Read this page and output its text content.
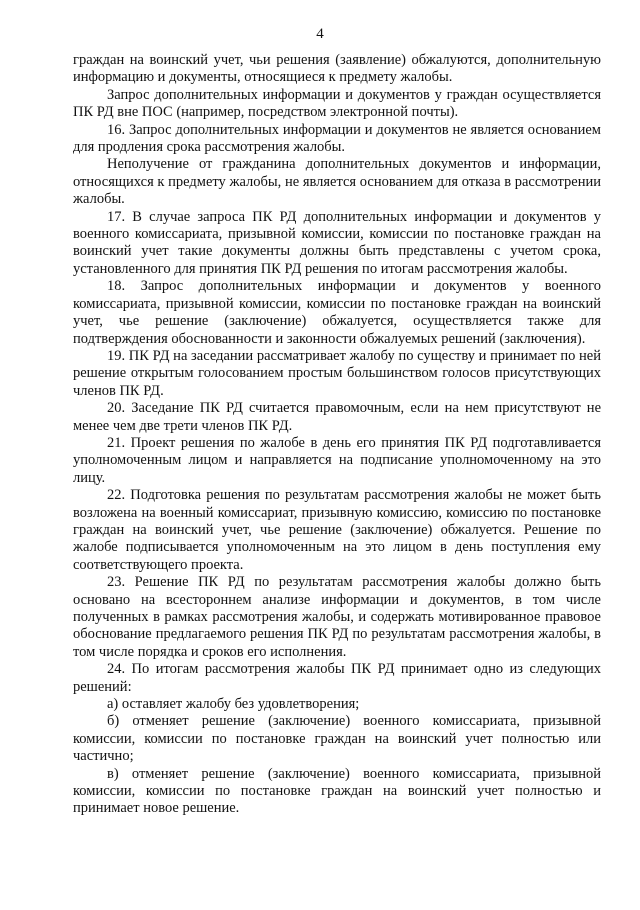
4

граждан на воинский учет, чьи решения (заявление) обжалуются, дополнительную информацию и документы, относящиеся к предмету жалобы.

Запрос дополнительных информации и документов у граждан осуществляется ПК РД вне ПОС (например, посредством электронной почты).

16. Запрос дополнительных информации и документов не является основанием для продления срока рассмотрения жалобы.

Неполучение от гражданина дополнительных документов и информации, относящихся к предмету жалобы, не является основанием для отказа в рассмотрении жалобы.

17. В случае запроса ПК РД дополнительных информации и документов у военного комиссариата, призывной комиссии, комиссии по постановке граждан на воинский учет такие документы должны быть представлены с учетом срока, установленного для принятия ПК РД решения по итогам рассмотрения жалобы.

18. Запрос дополнительных информации и документов у военного комиссариата, призывной комиссии, комиссии по постановке граждан на воинский учет, чье решение (заключение) обжалуется, осуществляется также для подтверждения обоснованности и законности обжалуемых решений (заключения).

19. ПК РД на заседании рассматривает жалобу по существу и принимает по ней решение открытым голосованием простым большинством голосов присутствующих членов ПК РД.

20. Заседание ПК РД считается правомочным, если на нем присутствуют не менее чем две трети членов ПК РД.

21. Проект решения по жалобе в день его принятия ПК РД подготавливается уполномоченным лицом и направляется на подписание уполномоченному на это лицу.

22. Подготовка решения по результатам рассмотрения жалобы не может быть возложена на военный комиссариат, призывную комиссию, комиссию по постановке граждан на воинский учет, чье решение (заключение) обжалуется. Решение по жалобе подписывается уполномоченным на это лицом в день поступления ему соответствующего проекта.

23. Решение ПК РД по результатам рассмотрения жалобы должно быть основано на всестороннем анализе информации и документов, в том числе полученных в рамках рассмотрения жалобы, и содержать мотивированное правовое обоснование предлагаемого решения ПК РД по результатам рассмотрения жалобы, в том числе порядка и сроков его исполнения.

24. По итогам рассмотрения жалобы ПК РД принимает одно из следующих решений:

а) оставляет жалобу без удовлетворения;

б) отменяет решение (заключение) военного комиссариата, призывной комиссии, комиссии по постановке граждан на воинский учет полностью или частично;

в) отменяет решение (заключение) военного комиссариата, призывной комиссии, комиссии по постановке граждан на воинский учет полностью и принимает новое решение.
